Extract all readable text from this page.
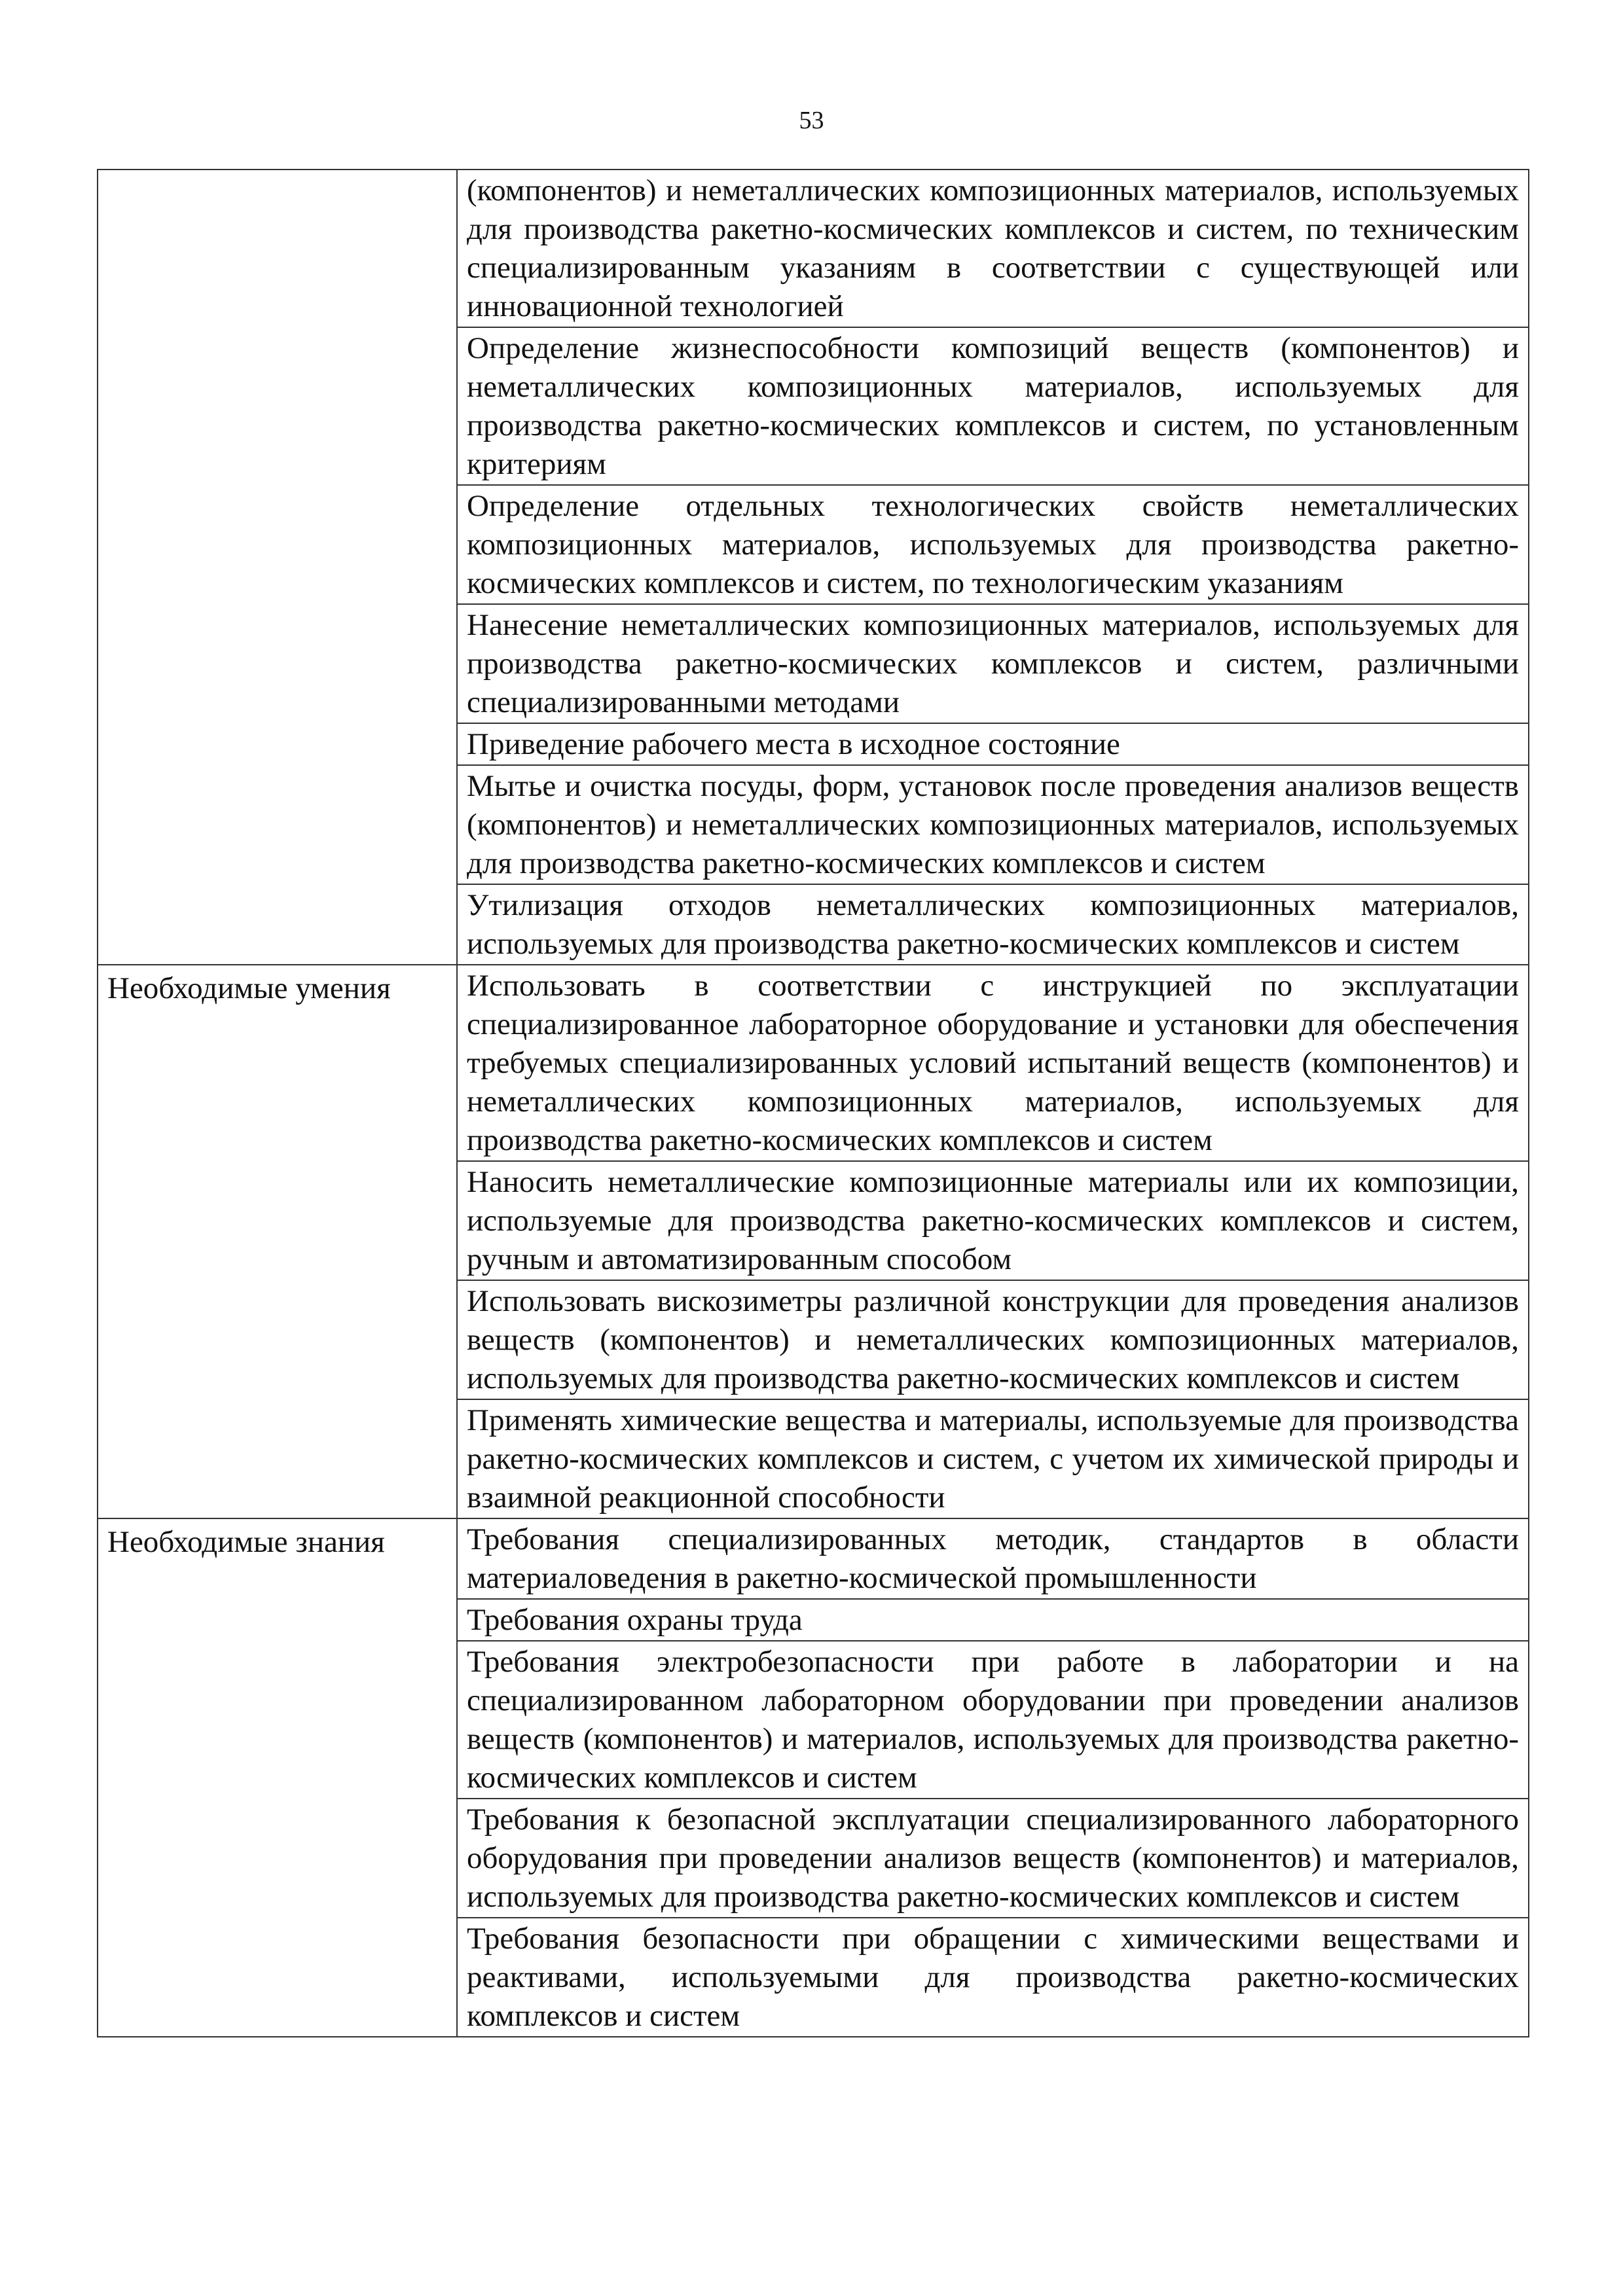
53
	(компонентов) и неметаллических композиционных материалов, используемых для производства ракетно-космических комплексов и систем, по техническим специализированным указаниям в соответствии с существующей или инновационной технологией
	Определение жизнеспособности композиций веществ (компонентов) и неметаллических композиционных материалов, используемых для производства ракетно-космических комплексов и систем, по установленным критериям
	Определение отдельных технологических свойств неметаллических композиционных материалов, используемых для производства ракетно-космических комплексов и систем, по технологическим указаниям
	Нанесение неметаллических композиционных материалов, используемых для производства ракетно-космических комплексов и систем, различными специализированными методами
	Приведение рабочего места в исходное состояние
	Мытье и очистка посуды, форм, установок после проведения анализов веществ (компонентов) и неметаллических композиционных материалов, используемых для производства ракетно-космических комплексов и систем
	Утилизация отходов неметаллических композиционных материалов, используемых для производства ракетно-космических комплексов и систем
Необходимые умения	Использовать в соответствии с инструкцией по эксплуатации специализированное лабораторное оборудование и установки для обеспечения требуемых специализированных условий испытаний веществ (компонентов) и неметаллических композиционных материалов, используемых для производства ракетно-космических комплексов и систем
	Наносить неметаллические композиционные материалы или их композиции, используемые для производства ракетно-космических комплексов и систем, ручным и автоматизированным способом
	Использовать вискозиметры различной конструкции для проведения анализов веществ (компонентов) и неметаллических композиционных материалов, используемых для производства ракетно-космических комплексов и систем
	Применять химические вещества и материалы, используемые для производства ракетно-космических комплексов и систем, с учетом их химической природы и взаимной реакционной способности
Необходимые знания	Требования специализированных методик, стандартов в области материаловедения в ракетно-космической промышленности
	Требования охраны труда
	Требования электробезопасности при работе в лаборатории и на специализированном лабораторном оборудовании при проведении анализов веществ (компонентов) и материалов, используемых для производства ракетно-космических комплексов и систем
	Требования к безопасной эксплуатации специализированного лабораторного оборудования при проведении анализов веществ (компонентов) и материалов, используемых для производства ракетно-космических комплексов и систем
	Требования безопасности при обращении с химическими веществами и реактивами, используемыми для производства ракетно-космических комплексов и систем
